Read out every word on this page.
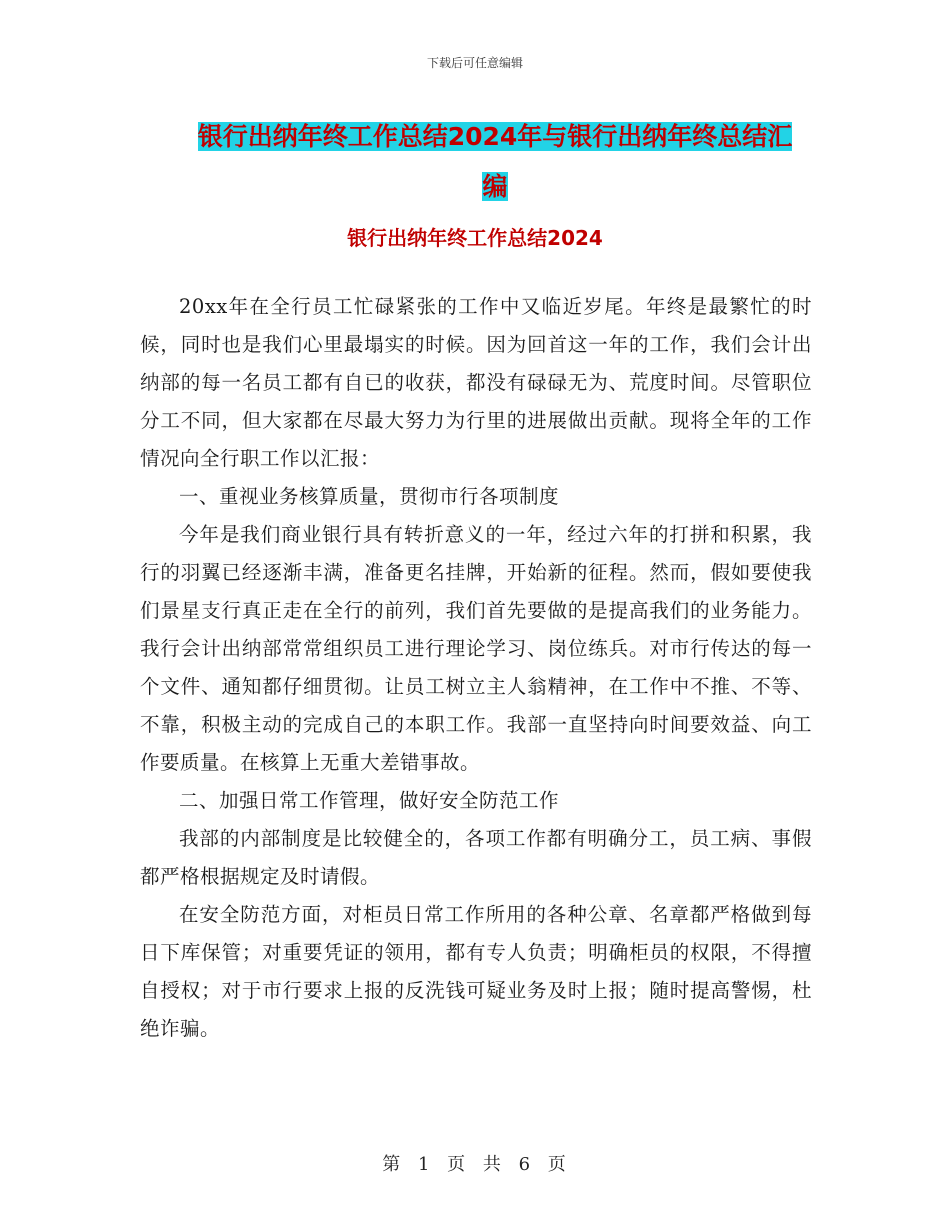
下载后可任意编辑
银行出纳年终工作总结2024年与银行出纳年终总结汇
编
银行出纳年终工作总结2024

20xx年在全行员工忙碌紧张的工作中又临近岁尾。年终是最繁忙的时候，同时也是我们心里最塌实的时候。因为回首这一年的工作，我们会计出纳部的每一名员工都有自已的收获，都没有碌碌无为、荒度时间。尽管职位分工不同，但大家都在尽最大努力为行里的进展做出贡献。现将全年的工作情况向全行职工作以汇报：

一、重视业务核算质量，贯彻市行各项制度

今年是我们商业银行具有转折意义的一年，经过六年的打拼和积累，我行的羽翼已经逐渐丰满，准备更名挂牌，开始新的征程。然而，假如要使我们景星支行真正走在全行的前列，我们首先要做的是提高我们的业务能力。我行会计出纳部常常组织员工进行理论学习、岗位练兵。对市行传达的每一个文件、通知都仔细贯彻。让员工树立主人翁精神，在工作中不推、不等、不靠，积极主动的完成自己的本职工作。我部一直坚持向时间要效益、向工作要质量。在核算上无重大差错事故。

二、加强日常工作管理，做好安全防范工作

我部的内部制度是比较健全的，各项工作都有明确分工，员工病、事假都严格根据规定及时请假。

在安全防范方面，对柜员日常工作所用的各种公章、名章都严格做到每日下库保管；对重要凭证的领用，都有专人负责；明确柜员的权限，不得擅自授权；对于市行要求上报的反洗钱可疑业务及时上报；随时提高警惕，杜绝诈骗。

第 1 页 共 6 页
